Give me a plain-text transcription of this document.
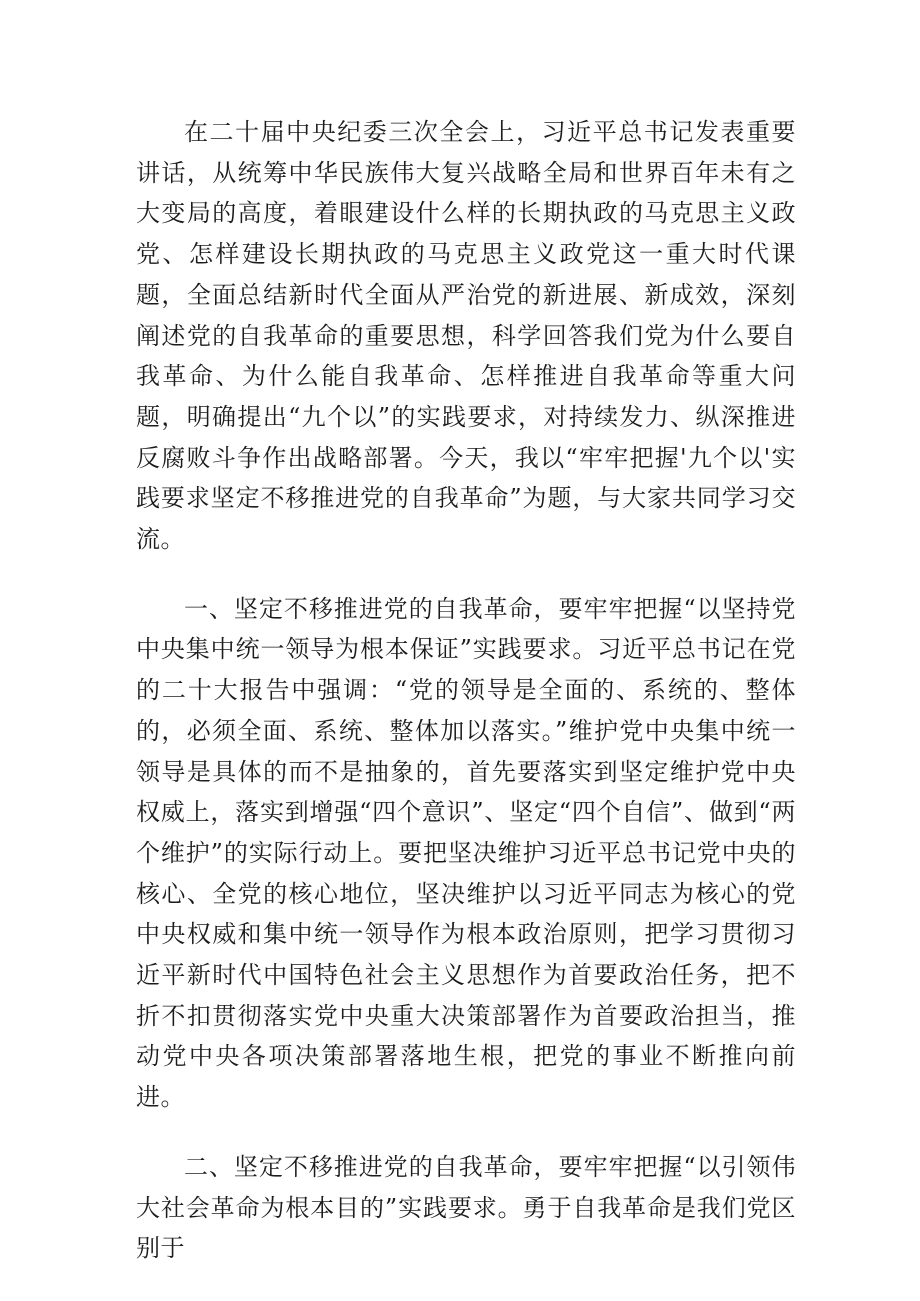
在二十届中央纪委三次全会上，习近平总书记发表重要讲话，从统筹中华民族伟大复兴战略全局和世界百年未有之大变局的高度，着眼建设什么样的长期执政的马克思主义政党、怎样建设长期执政的马克思主义政党这一重大时代课题，全面总结新时代全面从严治党的新进展、新成效，深刻阐述党的自我革命的重要思想，科学回答我们党为什么要自我革命、为什么能自我革命、怎样推进自我革命等重大问题，明确提出“九个以”的实践要求，对持续发力、纵深推进反腐败斗争作出战略部署。今天，我以“牢牢把握'九个以'实践要求坚定不移推进党的自我革命”为题，与大家共同学习交流。

一、坚定不移推进党的自我革命，要牢牢把握“以坚持党中央集中统一领导为根本保证”实践要求。习近平总书记在党的二十大报告中强调：“党的领导是全面的、系统的、整体的，必须全面、系统、整体加以落实。”维护党中央集中统一领导是具体的而不是抽象的，首先要落实到坚定维护党中央权威上，落实到增强“四个意识”、坚定“四个自信”、做到“两个维护”的实际行动上。要把坚决维护习近平总书记党中央的核心、全党的核心地位，坚决维护以习近平同志为核心的党中央权威和集中统一领导作为根本政治原则，把学习贯彻习近平新时代中国特色社会主义思想作为首要政治任务，把不折不扣贯彻落实党中央重大决策部署作为首要政治担当，推动党中央各项决策部署落地生根，把党的事业不断推向前进。

二、坚定不移推进党的自我革命，要牢牢把握“以引领伟大社会革命为根本目的”实践要求。勇于自我革命是我们党区别于
